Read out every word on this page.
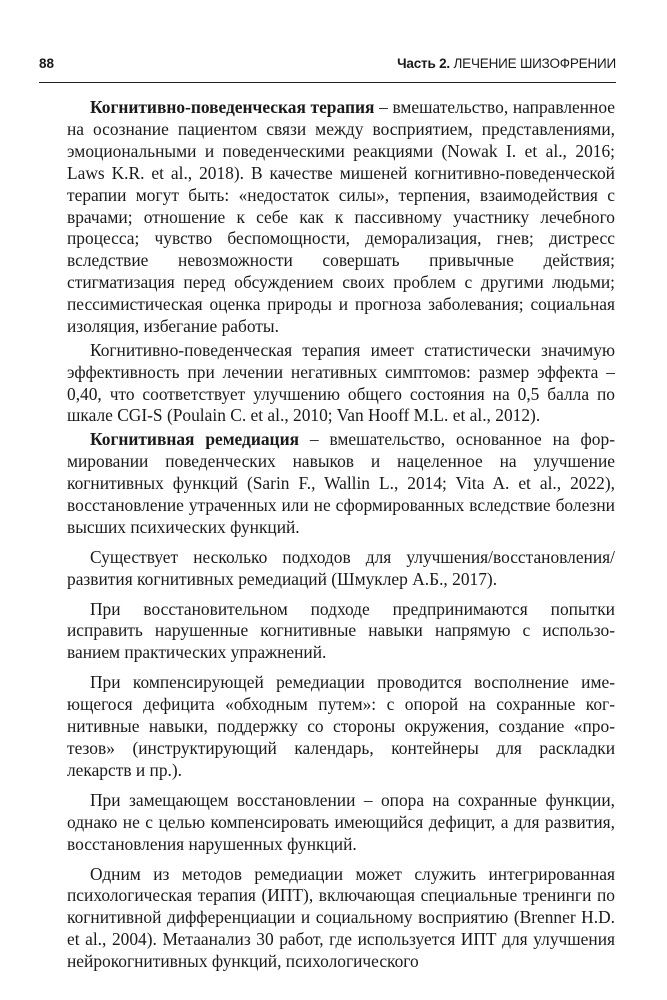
88	Часть 2. ЛЕЧЕНИЕ ШИЗОФРЕНИИ

Когнитивно-поведенческая терапия – вмешательство, направленное на осознание пациентом связи между восприятием, представлениями, эмоциональными и поведенческими реакциями (Nowak I. et al., 2016; Laws K.R. et al., 2018). В качестве мишеней когнитивно-поведенческой терапии могут быть: «недостаток силы», терпения, взаимодействия с врачами; отношение к себе как к пассивному участнику лечебного процесса; чувство беспомощности, деморализация, гнев; дистресс вследствие невозможности совершать привычные действия; стигматизация перед обсуждением своих проблем с другими людьми; пессимистическая оценка природы и прогноза заболевания; социальная изоляция, избегание работы.

Когнитивно-поведенческая терапия имеет статистически значимую эффективность при лечении негативных симптомов: размер эффекта –0,40, что соответствует улучшению общего состояния на 0,5 балла по шкале CGI-S (Poulain C. et al., 2010; Van Hooff M.L. et al., 2012).

Когнитивная ремедиация – вмешательство, основанное на формировании поведенческих навыков и нацеленное на улучшение когнитивных функций (Sarin F., Wallin L., 2014; Vita A. et al., 2022), восстановление утраченных или не сформированных вследствие болезни высших психических функций.

Существует несколько подходов для улучшения/восстановления/ развития когнитивных ремедиаций (Шмуклер А.Б., 2017).

При восстановительном подходе предпринимаются попытки исправить нарушенные когнитивные навыки напрямую с использованием практических упражнений.

При компенсирующей ремедиации проводится восполнение имеющегося дефицита «обходным путем»: с опорой на сохранные когнитивные навыки, поддержку со стороны окружения, создание «протезов» (инструктирующий календарь, контейнеры для раскладки лекарств и пр.).

При замещающем восстановлении – опора на сохранные функции, однако не с целью компенсировать имеющийся дефицит, а для развития, восстановления нарушенных функций.

Одним из методов ремедиации может служить интегрированная психологическая терапия (ИПТ), включающая специальные тренинги по когнитивной дифференциации и социальному восприятию (Brenner H.D. et al., 2004). Метаанализ 30 работ, где используется ИПТ для улучшения нейрокогнитивных функций, психологического
